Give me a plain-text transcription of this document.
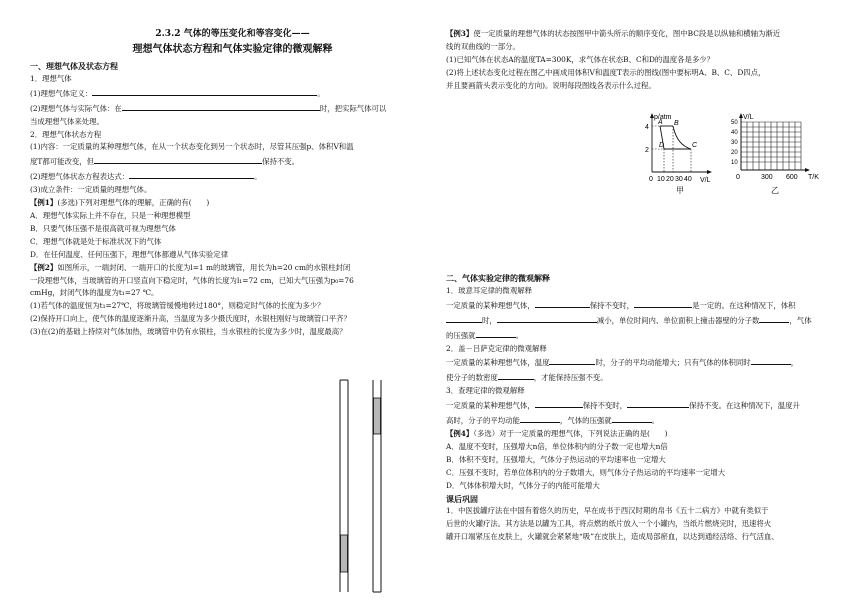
2.3.2 气体的等压变化和等容变化——
理想气体状态方程和气体实验定律的微观解释
一、理想气体及状态方程
1．理想气体
(1)理想气体定义：	。
(2)理想气体与实际气体：在	时，把实际气体可以
当成理想气体来处理。
2．理想气体状态方程
(1)内容：一定质量的某种理想气体，在从一个状态变化到另一个状态时，尽管其压强p、体积V和温
度T都可能改变，但	保持不变。
(2)理想气体状态方程表达式：	。
(3)成立条件：一定质量的理想气体。
【例1】(多选)下列对理想气体的理解，正确的有(　　)
A．理想气体实际上并不存在，只是一种理想模型
B．只要气体压强不是很高就可视为理想气体
C．理想气体就是处于标准状况下的气体
D．在任何温度、任何压强下，理想气体都遵从气体实验定律
【例2】如图所示，一端封闭、一端开口的长度为l=1 m的玻璃管，用长为h=20 cm的水银柱封闭
一段理想气体，当玻璃管的开口竖直向下稳定时，气体的长度为l₁=72 cm，已知大气压强为p₀=76
cmHg，封闭气体的温度为t₁=27 ℃。
(1)若气体的温度恒为t₁=27℃，将玻璃管缓慢地转过180°，则稳定时气体的长度为多少？
(2)保持开口向上，使气体的温度逐渐升高，当温度为多少摄氏度时，水银柱刚好与玻璃管口平齐？
(3)在(2)的基础上持续对气体加热，玻璃管中仍有水银柱，当水银柱的长度为多少时，温度最高？
【例3】使一定质量的理想气体的状态按图甲中箭头所示的顺序变化，图中BC段是以纵轴和横轴为渐近
线的双曲线的一部分。
(1)已知气体在状态A的温度TA=300K，求气体在状态B、C和D的温度各是多少？
(2)将上述状态变化过程在图乙中画成用体积V和温度T表示的图线(图中要标明A、B、C、D四点，
并且要画箭头表示变化的方向)。说明每段图线各表示什么过程。
p/atm
V/L
4
2
0 10 20 30 40
A B
C
D
甲
V/L
T/K
50
40
30
20
10
0	300 600
乙
二、气体实验定律的微观解释
1．玻意耳定律的微观解释
一定质量的某种理想气体，	保持不变时，	是一定的。在这种情况下，体积
时，	减小，单位时间内、单位面积上撞击器壁的分子数	，气体
的压强就	。
2．盖－吕萨克定律的微观解释
一定质量的某种理想气体，温度	时，分子的平均动能增大；只有气体的体积同时	，
使分子的数密度	，才能保持压强不变。
3．查理定律的微观解释
一定质量的某种理想气体，	保持不变时，	保持不变。在这种情况下，温度升
高时，分子的平均动能	，气体的压强就	。
【例4】（多选）对于一定质量的理想气体，下列说法正确的是(　　)
A．温度不变时，压强增大n倍，单位体积内的分子数一定也增大n倍
B．体积不变时，压强增大，气体分子热运动的平均速率也一定增大
C．压强不变时，若单位体积内的分子数增大，则气体分子热运动的平均速率一定增大
D．气体体积增大时，气体分子的内能可能增大
课后巩固
1．中医拔罐疗法在中国有着悠久的历史，早在成书于西汉时期的帛书《五十二病方》中就有类似于
后世的火罐疗法。其方法是以罐为工具，将点燃的纸片放入一个小罐内，当纸片燃烧完时，迅速将火
罐开口端紧压在皮肤上，火罐就会紧紧地“吸”在皮肤上，造成局部瘀血，以达到通经活络、行气活血、
